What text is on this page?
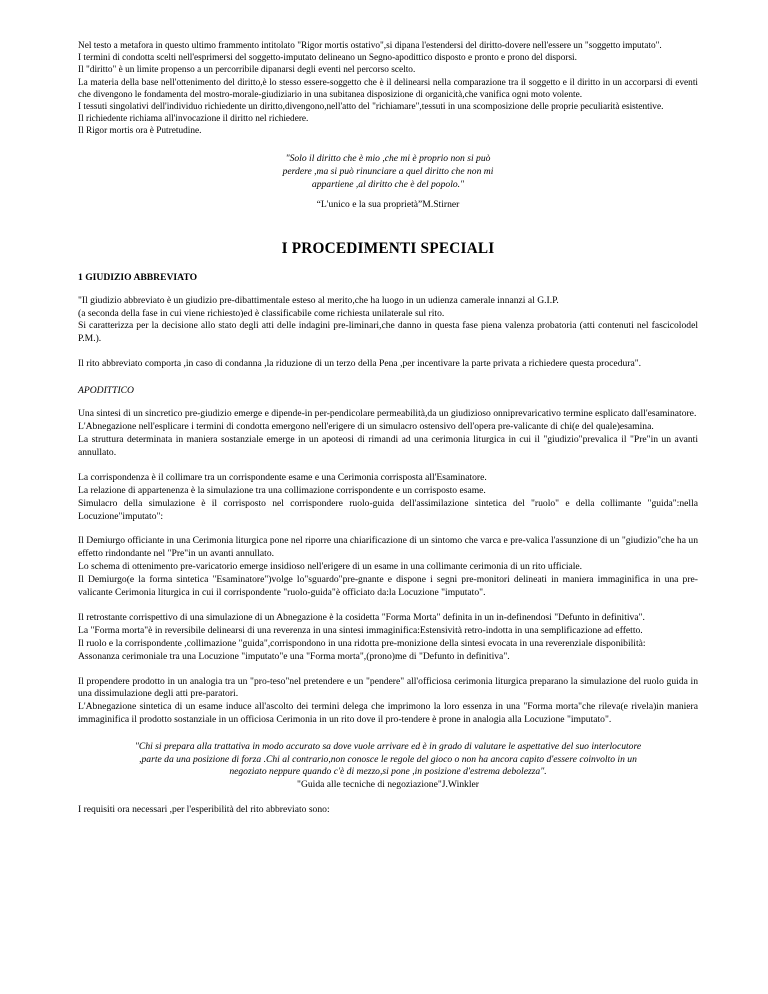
Nel testo a metafora in questo ultimo frammento intitolato "Rigor mortis ostativo",si dipana l'estendersi del diritto-dovere nell'essere un "soggetto imputato".

I termini di condotta scelti nell'esprimersi del soggetto-imputato delineano un Segno-apodittico disposto e pronto e prono del disporsi.

Il "diritto" è un limite propenso a un percorribile dipanarsi degli eventi nel percorso scelto.

La materia della base nell'ottenimento del diritto,è lo stesso essere-soggetto che è il delinearsi nella comparazione tra il soggetto e il diritto in un accorparsi di eventi che divengono le fondamenta del mostro-morale-giudiziario in una subitanea disposizione di organicità,che vanifica ogni moto volente.

I tessuti singolativi dell'individuo richiedente un diritto,divengono,nell'atto del "richiamare",tessuti in una scomposizione delle proprie peculiarità esistentive.

Il richiedente richiama all'invocazione il diritto nel richiedere.

Il Rigor mortis ora è Putretudine.

"Solo il diritto che è mio ,che mi è proprio non si può
perdere ,ma si può rinunciare a quel diritto che non mi
appartiene ,al diritto che è del popolo."
“L'unico e la sua proprietà”M.Stirner
I PROCEDIMENTI SPECIALI
1 GIUDIZIO ABBREVIATO
"Il giudizio abbreviato è un giudizio pre-dibattimentale esteso al merito,che ha luogo in un udienza camerale innanzi al G.I.P.
(a seconda della fase in cui viene richiesto)ed è classificabile come richiesta unilaterale sul rito.
Si caratterizza per la decisione allo stato degli atti delle indagini pre-liminari,che danno in questa fase piena valenza probatoria (atti contenuti nel fascicolodel P.M.).
Il rito abbreviato comporta ,in caso di condanna ,la riduzione di un terzo della Pena ,per incentivare la parte privata a richiedere questa procedura".
APODITTICO
Una sintesi di un sincretico pre-giudizio emerge e dipende-in per-pendicolare permeabilità,da un giudizioso onniprevaricativo termine esplicato dall'esaminatore.
L'Abnegazione nell'esplicare i termini di condotta emergono nell'erigere di un simulacro ostensivo dell'opera pre-valicante di chi(e del quale)esamina.
La struttura determinata in maniera sostanziale emerge in un apoteosi di rimandi ad una cerimonia liturgica in cui il "giudizio"prevalica il "Pre"in un avanti annullato.
La corrispondenza è il collimare tra un corrispondente esame e una Cerimonia corrisposta all'Esaminatore.
La relazione di appartenenza è la simulazione tra una collimazione corrispondente e un corrisposto esame.
Simulacro della simulazione è il corrisposto nel corrispondere ruolo-guida dell'assimilazione sintetica del "ruolo" e della collimante "guida":nella Locuzione"imputato":
Il Demiurgo officiante in una Cerimonia liturgica pone nel riporre una chiarificazione di un sintomo che varca e pre-valica l'assunzione di un "giudizio"che ha un effetto rindondante nel "Pre"in un avanti annullato.
Lo schema di ottenimento pre-varicatorio emerge insidioso nell'erigere di un esame in una collimante cerimonia di un rito ufficiale.
Il Demiurgo(e la forma sintetica "Esaminatore")volge lo"sguardo"pre-gnante e dispone i segni pre-monitori delineati in maniera immaginifica in una pre-valicante Cerimonia liturgica in cui il corrispondente "ruolo-guida"è officiato da:la Locuzione "imputato".
Il retrostante corrispettivo di una simulazione di un Abnegazione è la cosidetta "Forma Morta" definita in un in-definendosi "Defunto in definitiva".
La "Forma morta"è in reversibile delinearsi di una reverenza in una sintesi immaginifica:Estensività retro-indotta in una semplificazione ad effetto.
Il ruolo e la corrispondente ,collimazione "guida",corrispondono in una ridotta pre-monizione della sintesi evocata in una reverenziale disponibilità:
Assonanza cerimoniale tra una Locuzione "imputato"e una "Forma morta",(prono)me di "Defunto in definitiva".
Il propendere prodotto in un analogia tra un "pro-teso"nel pretendere e un "pendere" all'officiosa cerimonia liturgica preparano la simulazione del ruolo guida in una dissimulazione degli atti pre-paratori.
L'Abnegazione sintetica di un esame induce all'ascolto dei termini delega che imprimono la loro essenza in una "Forma morta"che rileva(e rivela)in maniera immaginifica il prodotto sostanziale in un officiosa Cerimonia in un rito dove il pro-tendere è prone in analogia alla Locuzione "imputato".
"Chi si prepara alla trattativa in modo accurato sa dove vuole arrivare ed è in grado di valutare le aspettative del suo interlocutore
,parte da una posizione di forza .Chi al contrario,non conosce le regole del gioco o non ha ancora capito d'essere coinvolto in un
negoziato neppure quando c'è di mezzo,si pone ,in posizione d'estrema debolezza".
"Guida alle tecniche di negoziazione"J.Winkler
I requisiti ora necessari ,per l'esperibilità del rito abbreviato sono:
